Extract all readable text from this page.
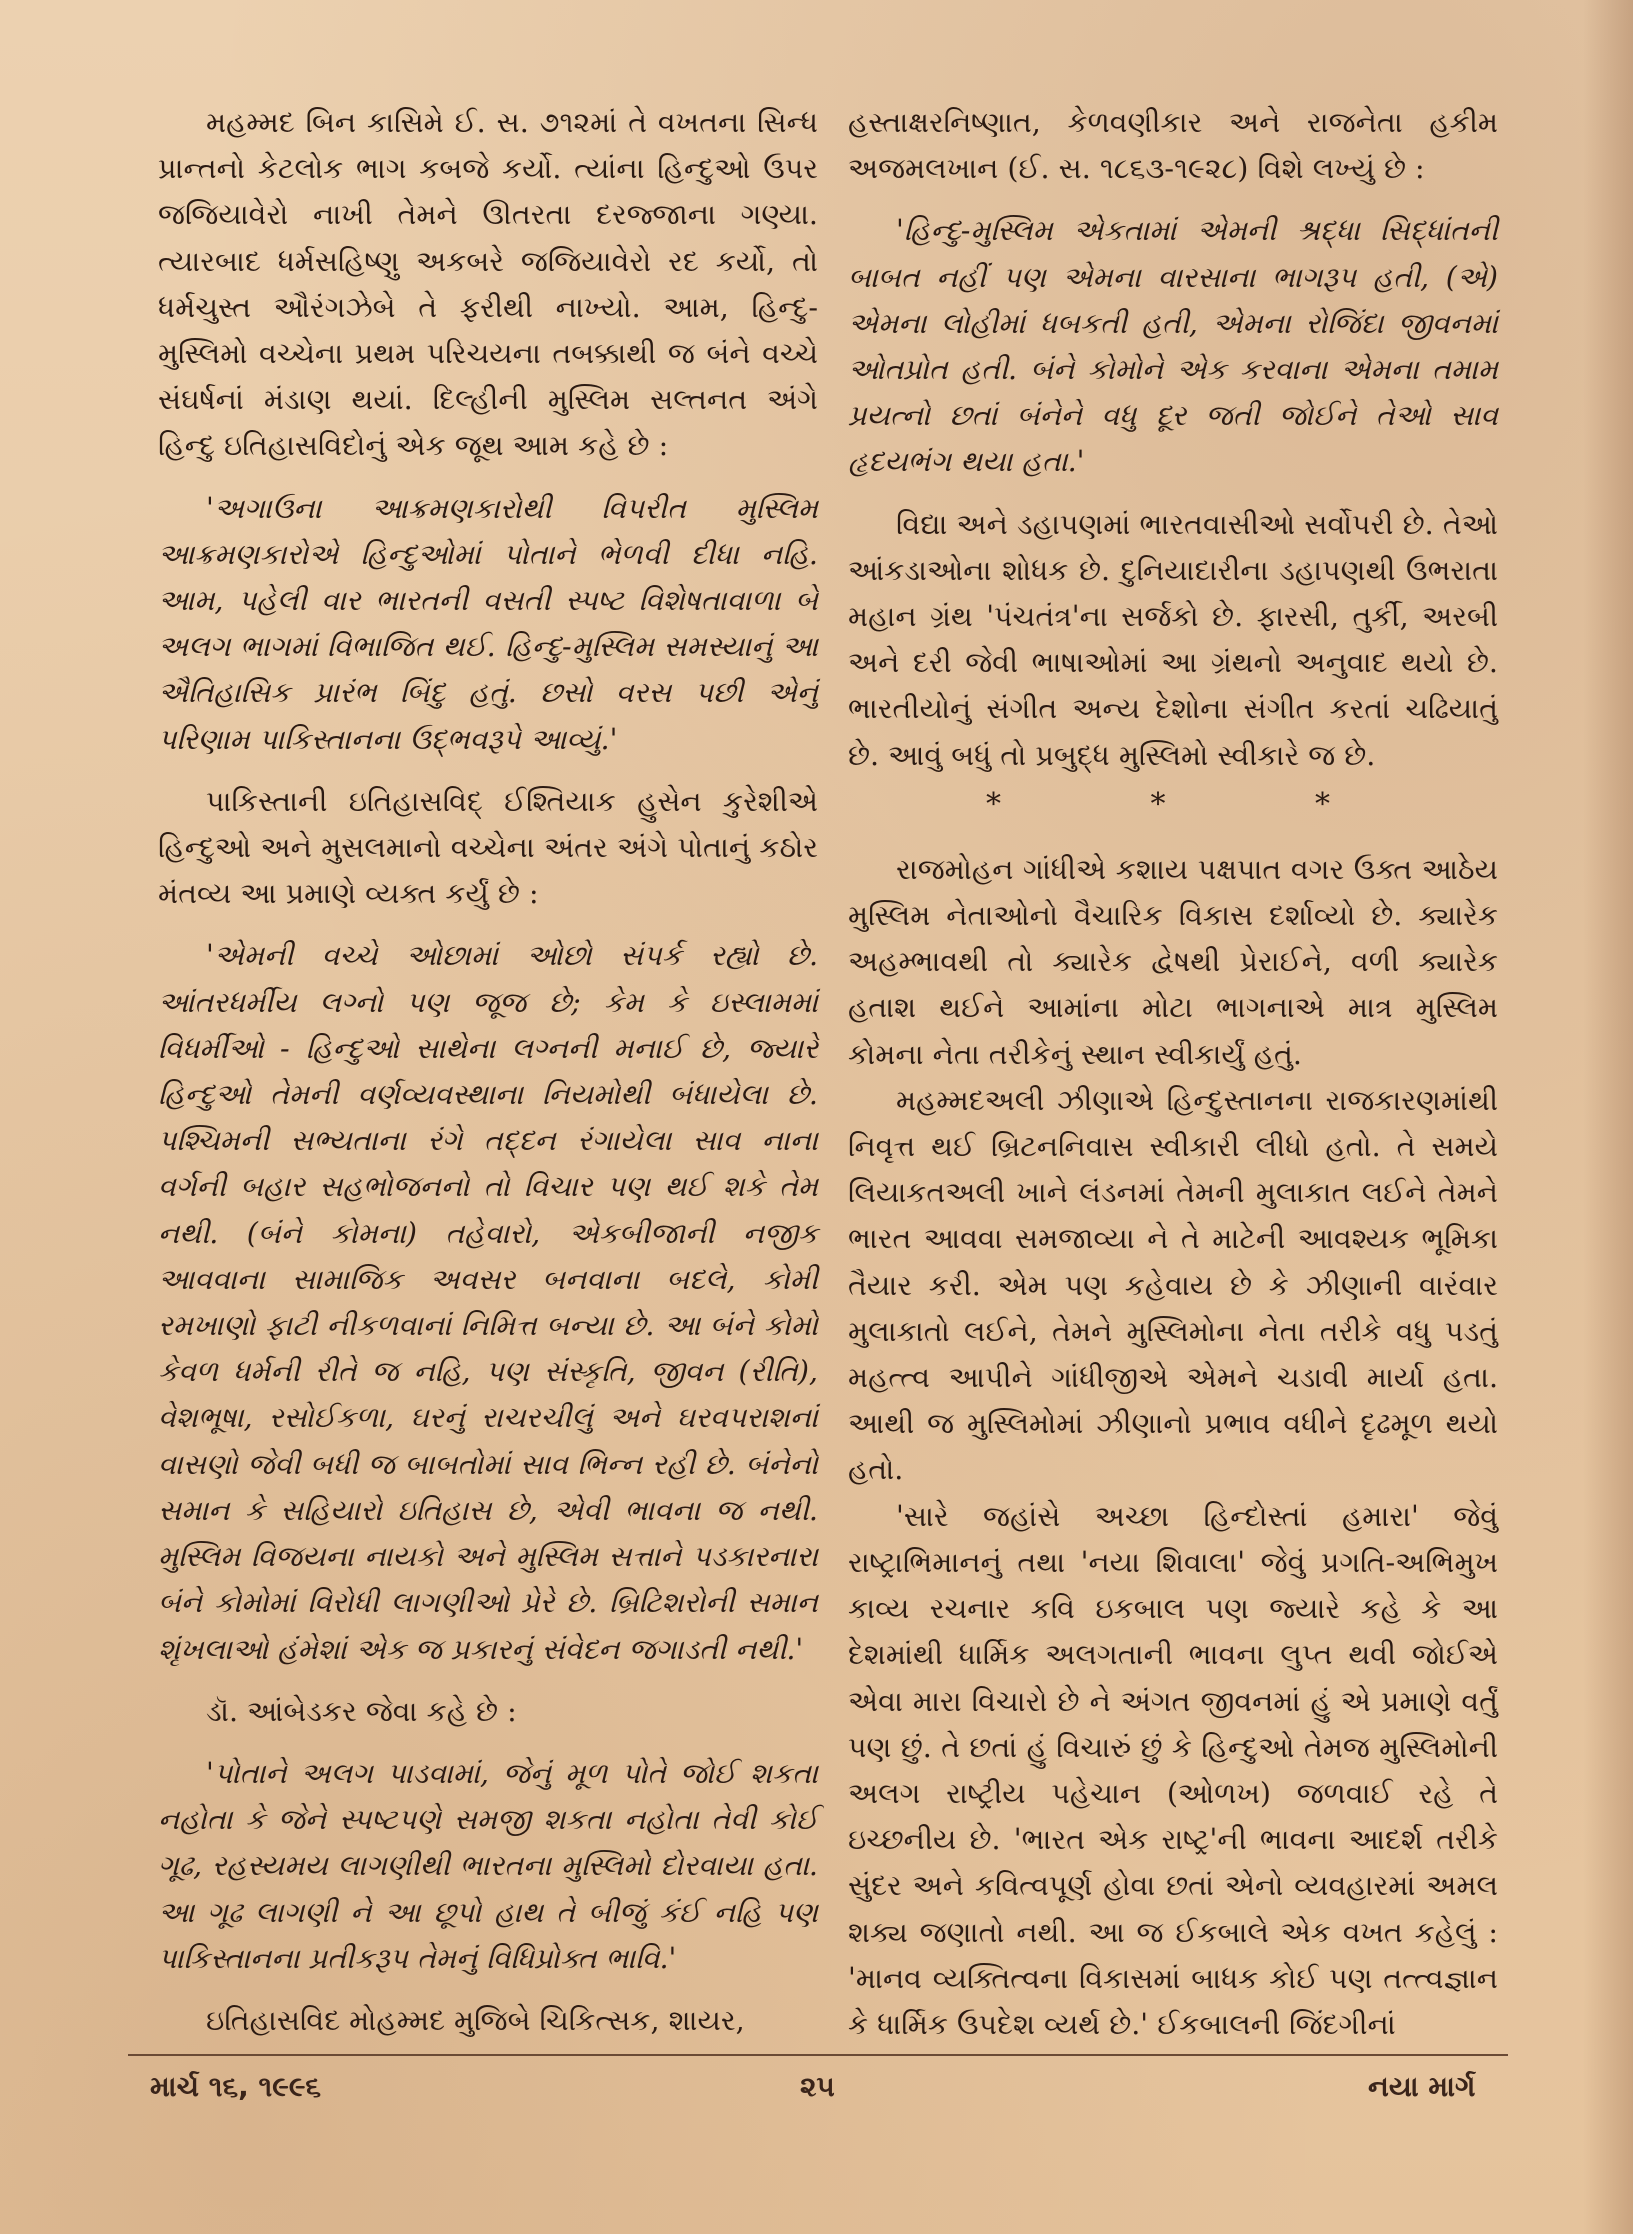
મહમ્મદ બિન કાસિમે ઈ. સ. ૭૧૨માં તે વખતના સિન્ધ પ્રાન્તનો કેટલોક ભાગ કબજે કર્યો. ત્યાંના હિન્દુઓ ઉપર જજિયાવેરો નાખી તેમને ઊતરતા દરજ્જાના ગણ્યા. ત્યારબાદ ધર્મસહિષ્ણુ અકબરે જજિયાવેરો રદ કર્યો, તો ધર્મચુસ્ત ઔરંગઝેબે તે ફરીથી નાખ્યો. આમ, હિન્દુ-મુસ્લિમો વચ્ચેના પ્રથમ પરિચયના તબક્કાથી જ બંને વચ્ચે સંઘર્ષનાં મંડાણ થયાં. દિલ્હીની મુસ્લિમ સલ્તનત અંગે હિન્દુ ઇતિહાસવિદોનું એક જૂથ આમ કહે છે :

'અગાઉના આક્રમણકારોથી વિપરીત મુસ્લિમ આક્રમણકારોએ હિન્દુઓમાં પોતાને ભેળવી દીધા નહિ. આમ, પહેલી વાર ભારતની વસતી સ્પષ્ટ વિશેષતાવાળા બે અલગ ભાગમાં વિભાજિત થઈ. હિન્દુ-મુસ્લિમ સમસ્યાનું આ ઐતિહાસિક પ્રારંભ બિંદુ હતું. છસો વરસ પછી એનું પરિણામ પાકિસ્તાનના ઉદ્ભવરૂપે આવ્યું.'

પાકિસ્તાની ઇતિહાસવિદ્ ઈશ્તિયાક હુસેન કુરેશીએ હિન્દુઓ અને મુસલમાનો વચ્ચેના અંતર અંગે પોતાનું કઠોર મંતવ્ય આ પ્રમાણે વ્યક્ત કર્યું છે :

'એમની વચ્ચે ઓછામાં ઓછો સંપર્ક રહ્યો છે. આંતરધર્મીય લગ્નો પણ જૂજ છે; કેમ કે ઇસ્લામમાં વિધર્મીઓ - હિન્દુઓ સાથેના લગ્નની મનાઈ છે, જ્યારે હિન્દુઓ તેમની વર્ણવ્યવસ્થાના નિયમોથી બંધાયેલા છે. પશ્ચિમની સભ્યતાના રંગે તદ્દન રંગાયેલા સાવ નાના વર્ગની બહાર સહભોજનનો તો વિચાર પણ થઈ શકે તેમ નથી. (બંને કોમના) તહેવારો, એકબીજાની નજીક આવવાના સામાજિક અવસર બનવાના બદલે, કોમી રમખાણો ફાટી નીકળવાનાં નિમિત્ત બન્યા છે. આ બંને કોમો કેવળ ધર્મની રીતે જ નહિ, પણ સંસ્કૃતિ, જીવન (રીતિ), વેશભૂષા, રસોઈકળા, ઘરનું રાચરચીલું અને ઘરવપરાશનાં વાસણો જેવી બધી જ બાબતોમાં સાવ ભિન્ન રહી છે. બંનેનો સમાન કે સહિયારો ઇતિહાસ છે, એવી ભાવના જ નથી. મુસ્લિમ વિજયના નાયકો અને મુસ્લિમ સત્તાને પડકારનારા બંને કોમોમાં વિરોધી લાગણીઓ પ્રેરે છે. બ્રિટિશરોની સમાન શૃંખલાઓ હંમેશાં એક જ પ્રકારનું સંવેદન જગાડતી નથી.'

ડૉ. આંબેડકર જેવા કહે છે :

'પોતાને અલગ પાડવામાં, જેનું મૂળ પોતે જોઈ શકતા નહોતા કે જેને સ્પષ્ટપણે સમજી શકતા નહોતા તેવી કોઈ ગૂઢ, રહસ્યમય લાગણીથી ભારતના મુસ્લિમો દોરવાયા હતા. આ ગૂઢ લાગણી ને આ છૂપો હાથ તે બીજું કંઈ નહિ પણ પાકિસ્તાનના પ્રતીકરૂપ તેમનું વિધિપ્રોક્ત ભાવિ.'

ઇતિહાસવિદ મોહમ્મદ મુજિબે ચિકિત્સક, શાયર,

હસ્તાક્ષરનિષ્ણાત, કેળવણીકાર અને રાજનેતા હકીમ અજમલખાન (ઈ. સ. ૧૮૬૩-૧૯૨૮) વિશે લખ્યું છે :

'હિન્દુ-મુસ્લિમ એકતામાં એમની શ્રદ્ધા સિદ્ધાંતની બાબત નહીં પણ એમના વારસાના ભાગરૂપ હતી, (એ) એમના લોહીમાં ધબકતી હતી, એમના રોજિંદા જીવનમાં ઓતપ્રોત હતી. બંને કોમોને એક કરવાના એમના તમામ પ્રયત્નો છતાં બંનેને વધુ દૂર જતી જોઈને તેઓ સાવ હૃદયભંગ થયા હતા.'

વિદ્યા અને ડહાપણમાં ભારતવાસીઓ સર્વોપરી છે. તેઓ આંકડાઓના શોધક છે. દુનિયાદારીના ડહાપણથી ઉભરાતા મહાન ગ્રંથ 'પંચતંત્ર'ના સર્જકો છે. ફારસી, તુર્કી, અરબી અને દરી જેવી ભાષાઓમાં આ ગ્રંથનો અનુવાદ થયો છે. ભારતીયોનું સંગીત અન્ય દેશોના સંગીત કરતાં ચઢિયાતું છે. આવું બધું તો પ્રબુદ્ધ મુસ્લિમો સ્વીકારે જ છે.

* * *

રાજમોહન ગાંધીએ કશાય પક્ષપાત વગર ઉક્ત આઠેય મુસ્લિમ નેતાઓનો વૈચારિક વિકાસ દર્શાવ્યો છે. ક્યારેક અહમ્ભાવથી તો ક્યારેક દ્વેષથી પ્રેરાઈને, વળી ક્યારેક હતાશ થઈને આમાંના મોટા ભાગનાએ માત્ર મુસ્લિમ કોમના નેતા તરીકેનું સ્થાન સ્વીકાર્યું હતું.

મહમ્મદઅલી ઝીણાએ હિન્દુસ્તાનના રાજકારણમાંથી નિવૃત્ત થઈ બ્રિટનનિવાસ સ્વીકારી લીધો હતો. તે સમયે લિયાકતઅલી ખાને લંડનમાં તેમની મુલાકાત લઈને તેમને ભારત આવવા સમજાવ્યા ને તે માટેની આવશ્યક ભૂમિકા તૈયાર કરી. એમ પણ કહેવાય છે કે ઝીણાની વારંવાર મુલાકાતો લઈને, તેમને મુસ્લિમોના નેતા તરીકે વધુ પડતું મહત્ત્વ આપીને ગાંધીજીએ એમને ચડાવી માર્યા હતા. આથી જ મુસ્લિમોમાં ઝીણાનો પ્રભાવ વધીને દૃઢમૂળ થયો હતો.

'સારે જહાંસે અચ્છા હિન્દોસ્તાં હમારા' જેવું રાષ્ટ્રાભિમાનનું તથા 'નયા શિવાલા' જેવું પ્રગતિ-અભિમુખ કાવ્ય રચનાર કવિ ઇકબાલ પણ જ્યારે કહે કે આ દેશમાંથી ધાર્મિક અલગતાની ભાવના લુપ્ત થવી જોઈએ એવા મારા વિચારો છે ને અંગત જીવનમાં હું એ પ્રમાણે વર્તું પણ છું. તે છતાં હું વિચારું છું કે હિન્દુઓ તેમજ મુસ્લિમોની અલગ રાષ્ટ્રીય પહેચાન (ઓળખ) જળવાઈ રહે તે ઇચ્છનીય છે. 'ભારત એક રાષ્ટ્ર'ની ભાવના આદર્શ તરીકે સુંદર અને કવિત્વપૂર્ણ હોવા છતાં એનો વ્યવહારમાં અમલ શક્ય જણાતો નથી. આ જ ઈકબાલે એક વખત કહેલું : 'માનવ વ્યક્તિત્વના વિકાસમાં બાધક કોઈ પણ તત્ત્વજ્ઞાન કે ધાર્મિક ઉપદેશ વ્યર્થ છે.' ઈકબાલની જિંદગીનાં

માર્ચ ૧૬, ૧૯૯૬	૨૫	નયા માર્ગ
